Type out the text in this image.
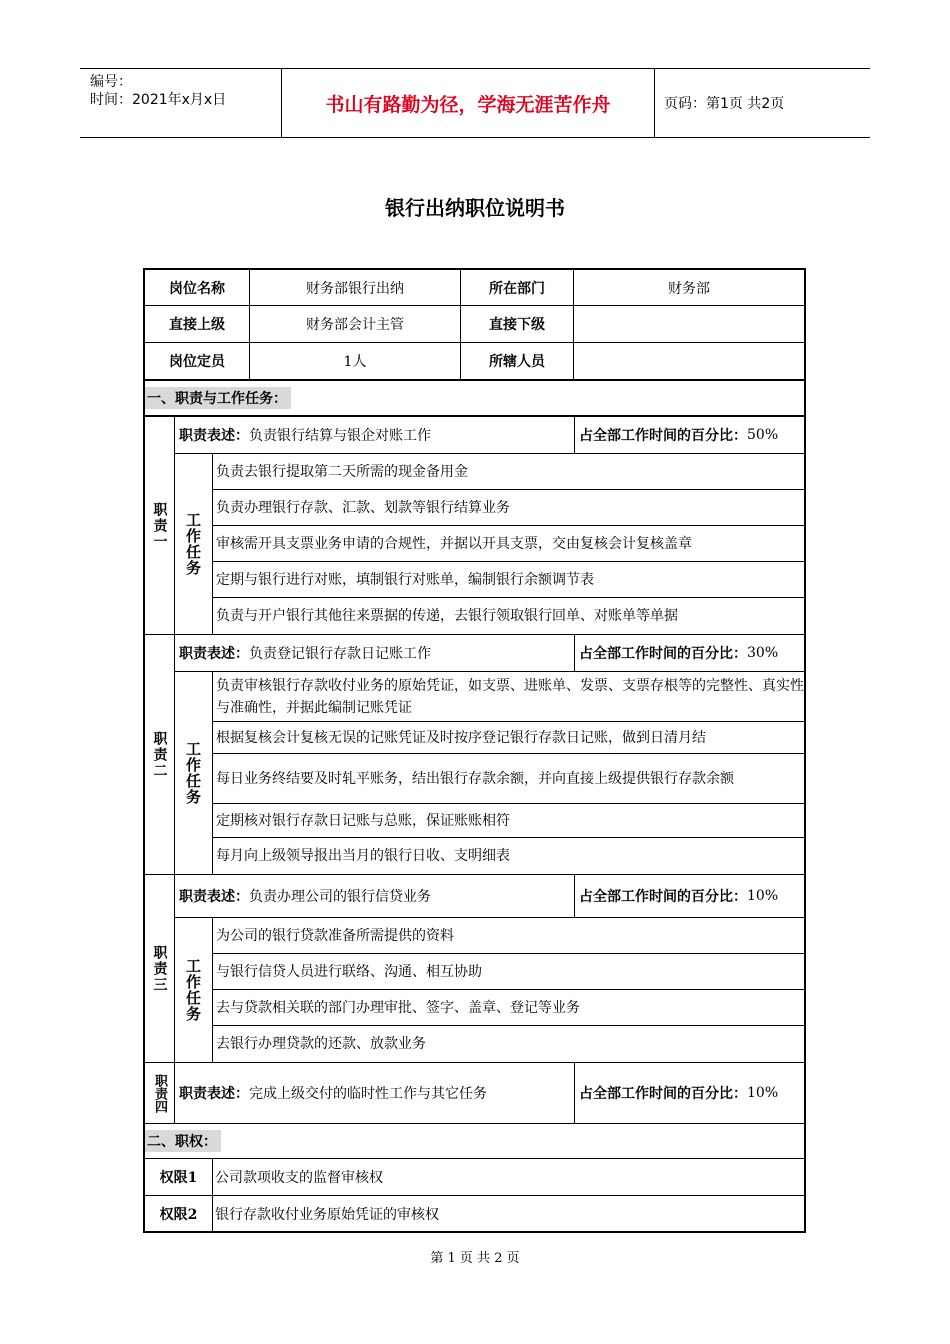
编号：
时间：2021年x月x日	书山有路勤为径，学海无涯苦作舟	页码：第1页 共2页
银行出纳职位说明书
岗位名称	财务部银行出纳	所在部门	财务部
直接上级	财务部会计主管	直接下级
岗位定员	1人	所辖人员
一、职责与工作任务：
职责一
职责表述： 负责银行结算与银企对账工作	占全部工作时间的百分比： 50%
工作任务
负责去银行提取第二天所需的现金备用金
负责办理银行存款、汇款、划款等银行结算业务
审核需开具支票业务申请的合规性，并据以开具支票，交由复核会计复核盖章
定期与银行进行对账，填制银行对账单，编制银行余额调节表
负责与开户银行其他往来票据的传递，去银行领取银行回单、对账单等单据
职责二
职责表述： 负责登记银行存款日记账工作	占全部工作时间的百分比： 30%
工作任务
负责审核银行存款收付业务的原始凭证，如支票、进账单、发票、支票存根等的完整性、真实性与准确性，并据此编制记账凭证
根据复核会计复核无误的记账凭证及时按序登记银行存款日记账，做到日清月结
每日业务终结要及时轧平账务，结出银行存款余额，并向直接上级提供银行存款余额
定期核对银行存款日记账与总账，保证账账相符
每月向上级领导报出当月的银行日收、支明细表
职责三
职责表述： 负责办理公司的银行信贷业务	占全部工作时间的百分比： 10%
工作任务
为公司的银行贷款准备所需提供的资料
与银行信贷人员进行联络、沟通、相互协助
去与贷款相关联的部门办理审批、签字、盖章、登记等业务
去银行办理贷款的还款、放款业务
职责四 职责表述： 完成上级交付的临时性工作与其它任务	占全部工作时间的百分比： 10%
二、职权：
权限1	公司款项收支的监督审核权
权限2	银行存款收付业务原始凭证的审核权
第 1 页 共 2 页
